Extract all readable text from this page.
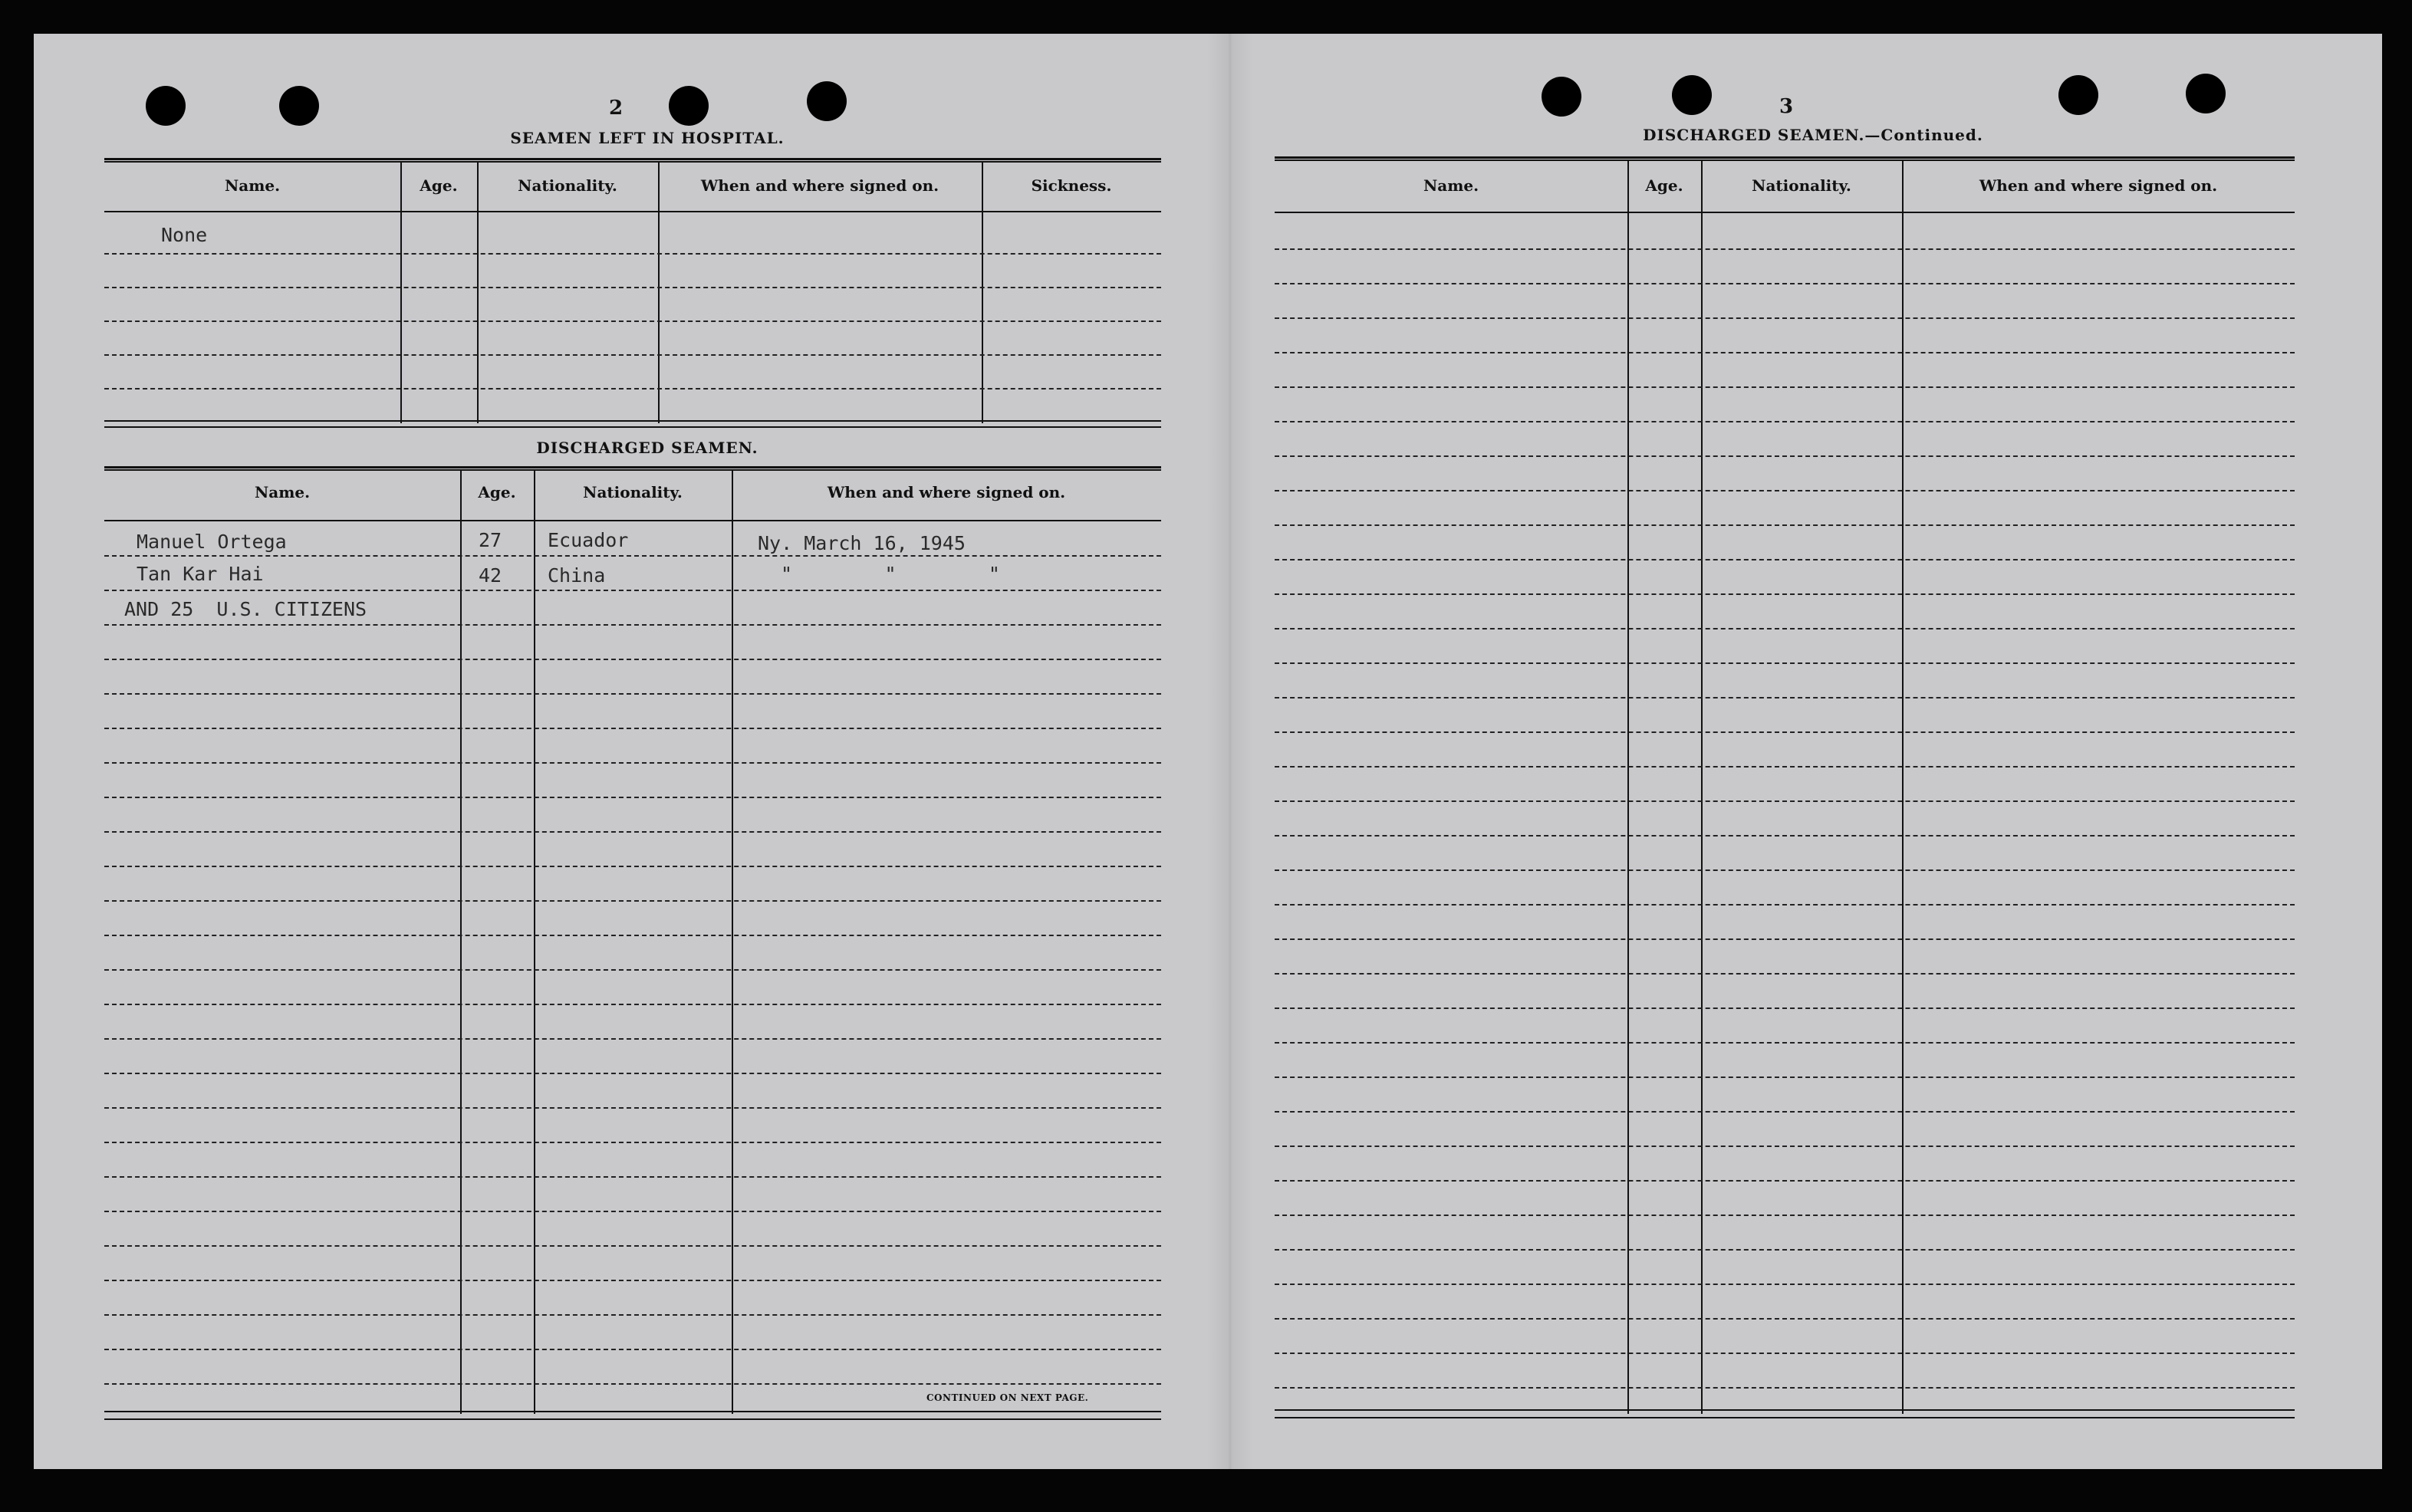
2
SEAMEN LEFT IN HOSPITAL.
Name.	Age.	Nationality.	When and where signed on.	Sickness.
None
DISCHARGED SEAMEN.
Name.	Age.	Nationality.	When and where signed on.
Manuel Ortega	27 Ecuador	Ny. March 16, 1945
Tan Kar Hai	42 China	"        "        "
AND 25  U.S. CITIZENS
CONTINUED ON NEXT PAGE.
3
DISCHARGED SEAMEN.—Continued.
Name.	Age.	Nationality.	When and where signed on.
